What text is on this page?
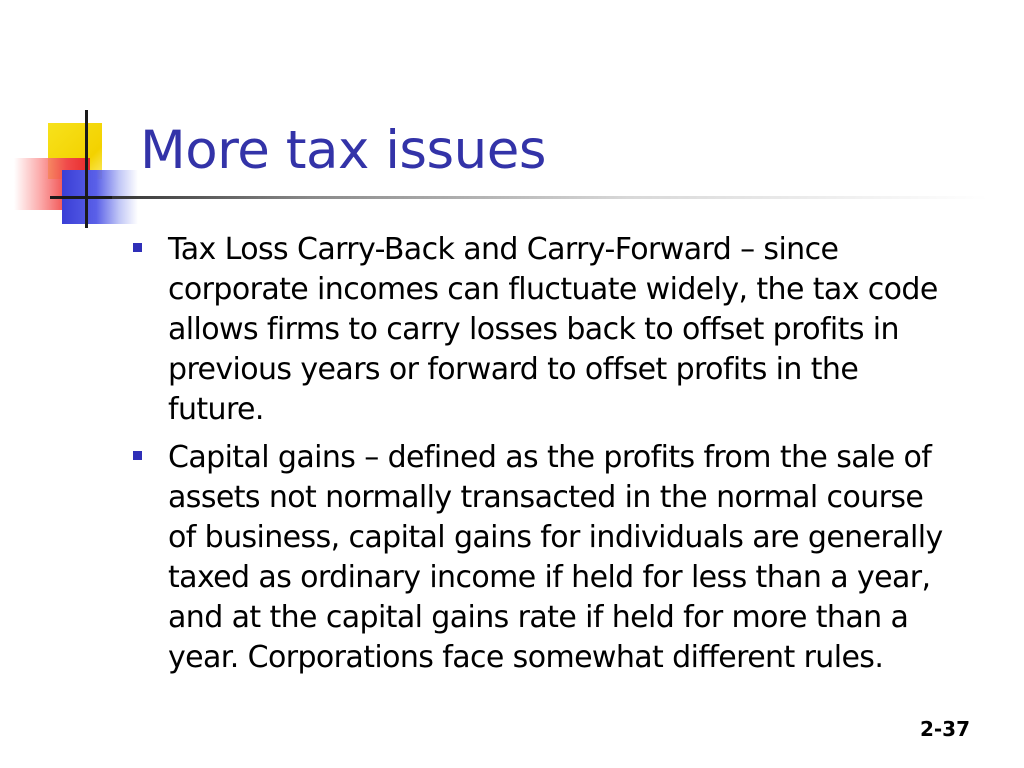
More tax issues
Tax Loss Carry-Back and Carry-Forward – since corporate incomes can fluctuate widely, the tax code allows firms to carry losses back to offset profits in previous years or forward to offset profits in the future.
Capital gains – defined as the profits from the sale of assets not normally transacted in the normal course of business, capital gains for individuals are generally taxed as ordinary income if held for less than a year, and at the capital gains rate if held for more than a year. Corporations face somewhat different rules.
2-37
